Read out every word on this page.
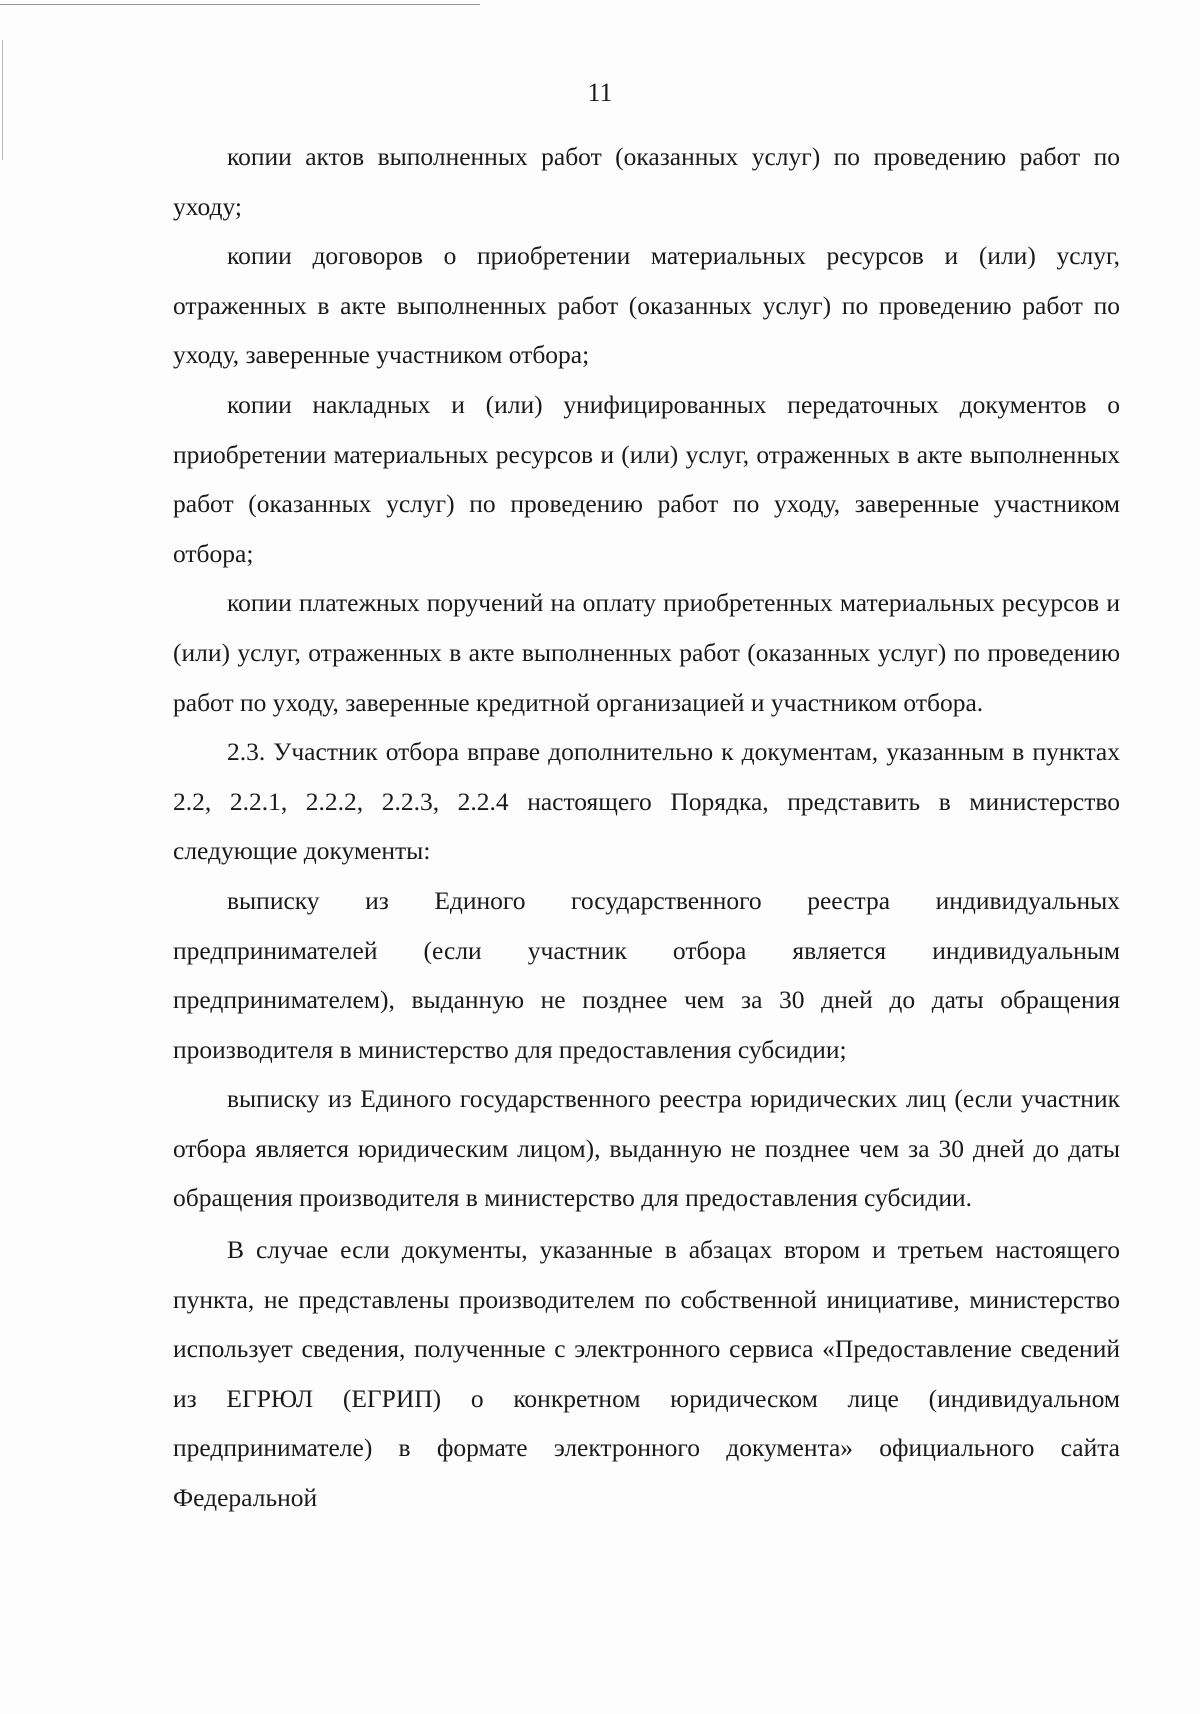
11

копии актов выполненных работ (оказанных услуг) по проведению работ по уходу;

копии договоров о приобретении материальных ресурсов и (или) услуг, отраженных в акте выполненных работ (оказанных услуг) по проведению работ по уходу, заверенные участником отбора;

копии накладных и (или) унифицированных передаточных документов о приобретении материальных ресурсов и (или) услуг, отраженных в акте выполненных работ (оказанных услуг) по проведению работ по уходу, заверенные участником отбора;

копии платежных поручений на оплату приобретенных материальных ресурсов и (или) услуг, отраженных в акте выполненных работ (оказанных услуг) по проведению работ по уходу, заверенные кредитной организацией и участником отбора.

2.3. Участник отбора вправе дополнительно к документам, указанным в пунктах 2.2, 2.2.1, 2.2.2, 2.2.3, 2.2.4 настоящего Порядка, представить в министерство следующие документы:

выписку из Единого государственного реестра индивидуальных предпринимателей (если участник отбора является индивидуальным предпринимателем), выданную не позднее чем за 30 дней до даты обращения производителя в министерство для предоставления субсидии;

выписку из Единого государственного реестра юридических лиц (если участник отбора является юридическим лицом), выданную не позднее чем за 30 дней до даты обращения производителя в министерство для предоставления субсидии.

В случае если документы, указанные в абзацах втором и третьем настоящего пункта, не представлены производителем по собственной инициативе, министерство использует сведения, полученные с электронного сервиса «Предоставление сведений из ЕГРЮЛ (ЕГРИП) о конкретном юридическом лице (индивидуальном предпринимателе) в формате электронного документа» официального сайта Федеральной
